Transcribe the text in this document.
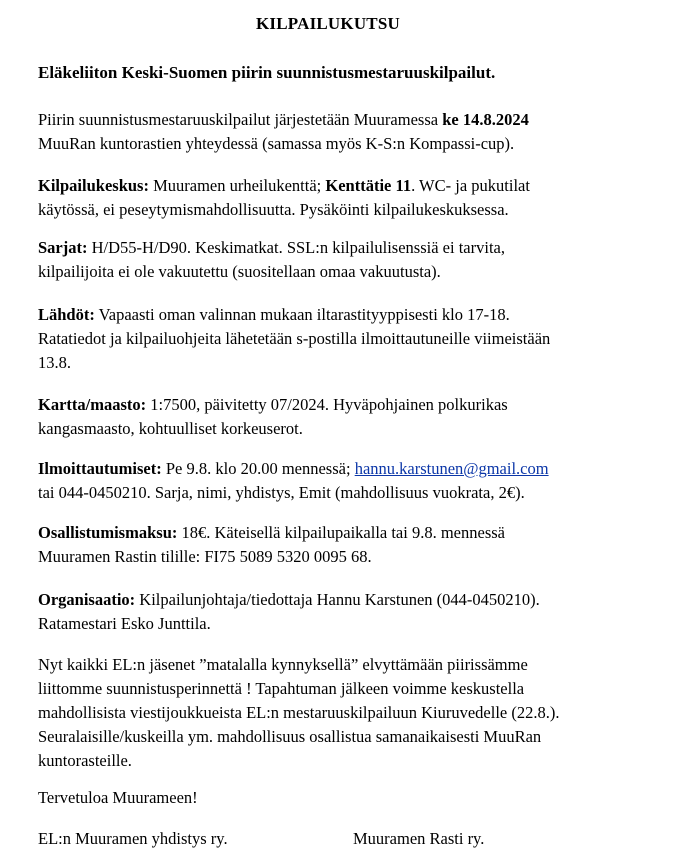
KILPAILUKUTSU
Eläkeliiton Keski-Suomen piirin suunnistusmestaruuskilpailut.

Piirin suunnistusmestaruuskilpailut järjestetään Muuramessa ke 14.8.2024
MuuRan kuntorastien yhteydessä (samassa myös K-S:n Kompassi-cup).

Kilpailukeskus: Muuramen urheilukenttä; Kenttätie 11. WC- ja pukutilat
käytössä, ei peseytymismahdollisuutta. Pysäköinti kilpailukeskuksessa.

Sarjat: H/D55-H/D90. Keskimatkat. SSL:n kilpailulisenssiä ei tarvita,
kilpailijoita ei ole vakuutettu (suositellaan omaa vakuutusta).

Lähdöt: Vapaasti oman valinnan mukaan iltarastityyppisesti klo 17-18.
Ratatiedot ja kilpailuohjeita lähetetään s-postilla ilmoittautuneille viimeistään
13.8.

Kartta/maasto: 1:7500, päivitetty 07/2024. Hyväpohjainen polkurikas
kangasmaasto, kohtuulliset korkeuserot.

Ilmoittautumiset: Pe 9.8. klo 20.00 mennessä; hannu.karstunen@gmail.com
tai 044-0450210. Sarja, nimi, yhdistys, Emit (mahdollisuus vuokrata, 2€).

Osallistumismaksu: 18€. Käteisellä kilpailupaikalla tai 9.8. mennessä
Muuramen Rastin tilille: FI75 5089 5320 0095 68.

Organisaatio: Kilpailunjohtaja/tiedottaja Hannu Karstunen (044-0450210).
Ratamestari Esko Junttila.

Nyt kaikki EL:n jäsenet ”matalalla kynnyksellä” elvyttämään piirissämme
liittomme suunnistusperinnettä ! Tapahtuman jälkeen voimme keskustella
mahdollisista viestijoukkueista EL:n mestaruuskilpailuun Kiuruvedelle (22.8.).
Seuralaisille/kuskeilla ym. mahdollisuus osallistua samanaikaisesti MuuRan
kuntorasteille.

Tervetuloa Muurameen!

EL:n Muuramen yhdistys ry.	Muuramen Rasti ry.
